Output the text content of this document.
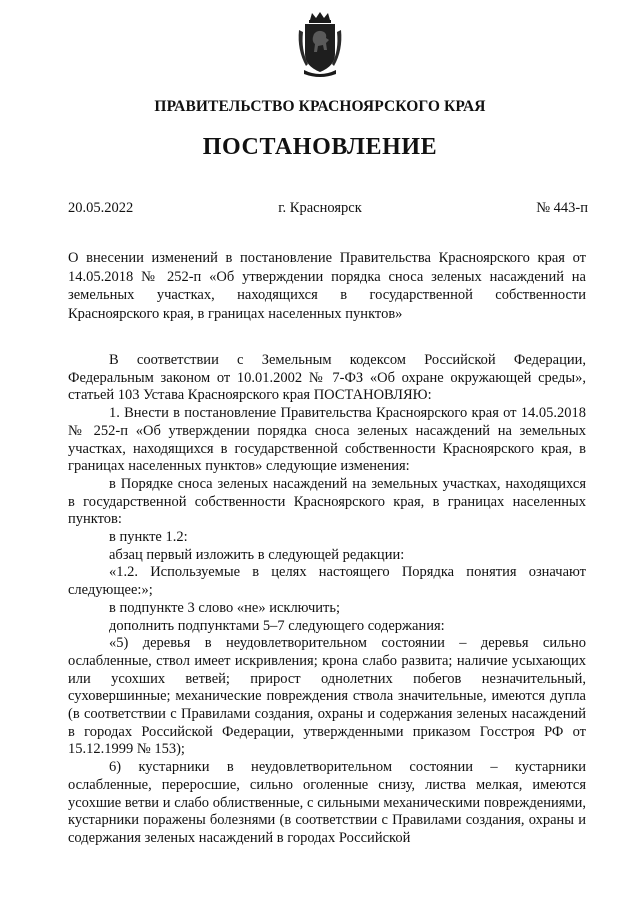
ПРАВИТЕЛЬСТВО КРАСНОЯРСКОГО КРАЯ
ПОСТАНОВЛЕНИЕ
г. Красноярск
20.05.2022	№ 443-п
О внесении изменений в постановление Правительства Красноярского края от 14.05.2018 № 252-п «Об утверждении порядка сноса зеленых насаждений на земельных участках, находящихся в государственной собственности Красноярского края, в границах населенных пунктов»

В соответствии с Земельным кодексом Российской Федерации, Федеральным законом от 10.01.2002 № 7-ФЗ «Об охране окружающей среды», статьей 103 Устава Красноярского края ПОСТАНОВЛЯЮ:

1. Внести в постановление Правительства Красноярского края от 14.05.2018 № 252-п «Об утверждении порядка сноса зеленых насаждений на земельных участках, находящихся в государственной собственности Красноярского края, в границах населенных пунктов» следующие изменения:

в Порядке сноса зеленых насаждений на земельных участках, находящихся в государственной собственности Красноярского края, в границах населенных пунктов:

в пункте 1.2:

абзац первый изложить в следующей редакции:

«1.2. Используемые в целях настоящего Порядка понятия означают следующее:»;

в подпункте 3 слово «не» исключить;

дополнить подпунктами 5–7 следующего содержания:

«5) деревья в неудовлетворительном состоянии – деревья сильно ослабленные, ствол имеет искривления; крона слабо развита; наличие усыхающих или усохших ветвей; прирост однолетних побегов незначительный, суховершинные; механические повреждения ствола значительные, имеются дупла (в соответствии с Правилами создания, охраны и содержания зеленых насаждений в городах Российской Федерации, утвержденными приказом Госстроя РФ от 15.12.1999 № 153);

6) кустарники в неудовлетворительном состоянии – кустарники ослабленные, переросшие, сильно оголенные снизу, листва мелкая, имеются усохшие ветви и слабо облиственные, с сильными механическими повреждениями, кустарники поражены болезнями (в соответствии с Правилами создания, охраны и содержания зеленых насаждений в городах Российской
